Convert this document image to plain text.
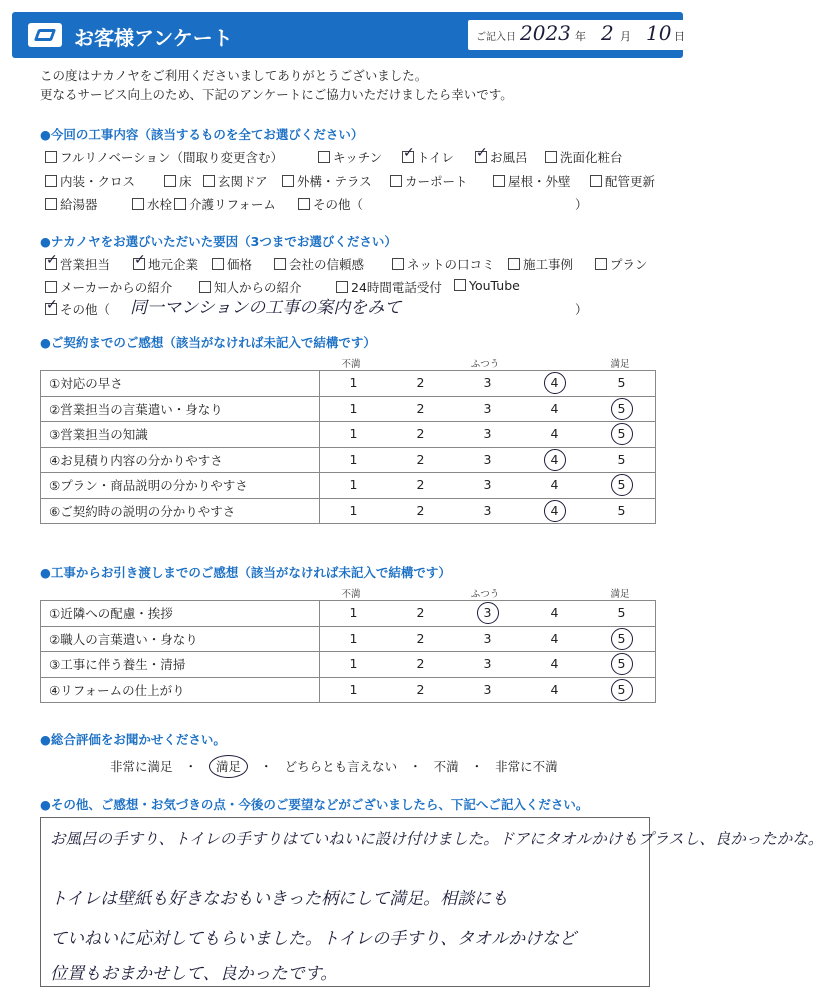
お客様アンケート	ご記入日 2023 年 2 月 10 日
この度はナカノヤをご利用くださいましてありがとうございました。
更なるサービス向上のため、下記のアンケートにご協力いただけましたら幸いです。
●今回の工事内容（該当するものを全てお選びください）
フルリノベーション（間取り変更含む）	キッチン ✓	トイレ ✓	お風呂	洗面化粧台
内装・クロス	床	玄関ドア	外構・テラス	カーポート	屋根・外壁	配管更新
給湯器	水栓	介護リフォーム	その他（	）
●ナカノヤをお選びいただいた要因（3つまでお選びください）
✓営業担当 ✓	地元企業	価格	会社の信頼感	ネットの口コミ	施工事例	プラン
メーカーからの紹介	知人からの紹介	24時間電話受付	YouTube
✓その他（ 同一マンションの工事の案内をみて	）
●ご契約までのご感想（該当がなければ未記入で結構です）
不満	ふつう	満足
①対応の早さ	1	2	3	4	5
②営業担当の言葉遣い・身なり	1	2	3	4	5
③営業担当の知識	1	2	3	4	5
④お見積り内容の分かりやすさ	1	2	3	4	5
⑤プラン・商品説明の分かりやすさ	1	2	3	4	5
⑥ご契約時の説明の分かりやすさ	1	2	3	4	5
●工事からお引き渡しまでのご感想（該当がなければ未記入で結構です）
不満	ふつう	満足
①近隣への配慮・挨拶	1	2	3	4	5
②職人の言葉遣い・身なり	1	2	3	4	5
③工事に伴う養生・清掃	1	2	3	4	5
④リフォームの仕上がり	1	2	3	4	5
●総合評価をお聞かせください。
非常に満足 ・ 満足 ・ どちらとも言えない ・ 不満 ・ 非常に不満
●その他、ご感想・お気づきの点・今後のご要望などがございましたら、下記へご記入ください。
お風呂の手すり、トイレの手すりはていねいに設け付けました。ドアにタオルかけもプラスし、良かったかな。
トイレは壁紙も好きなおもいきった柄にして満足。相談にも
ていねいに応対してもらいました。トイレの手すり、タオルかけなど
位置もおまかせして、良かったです。
